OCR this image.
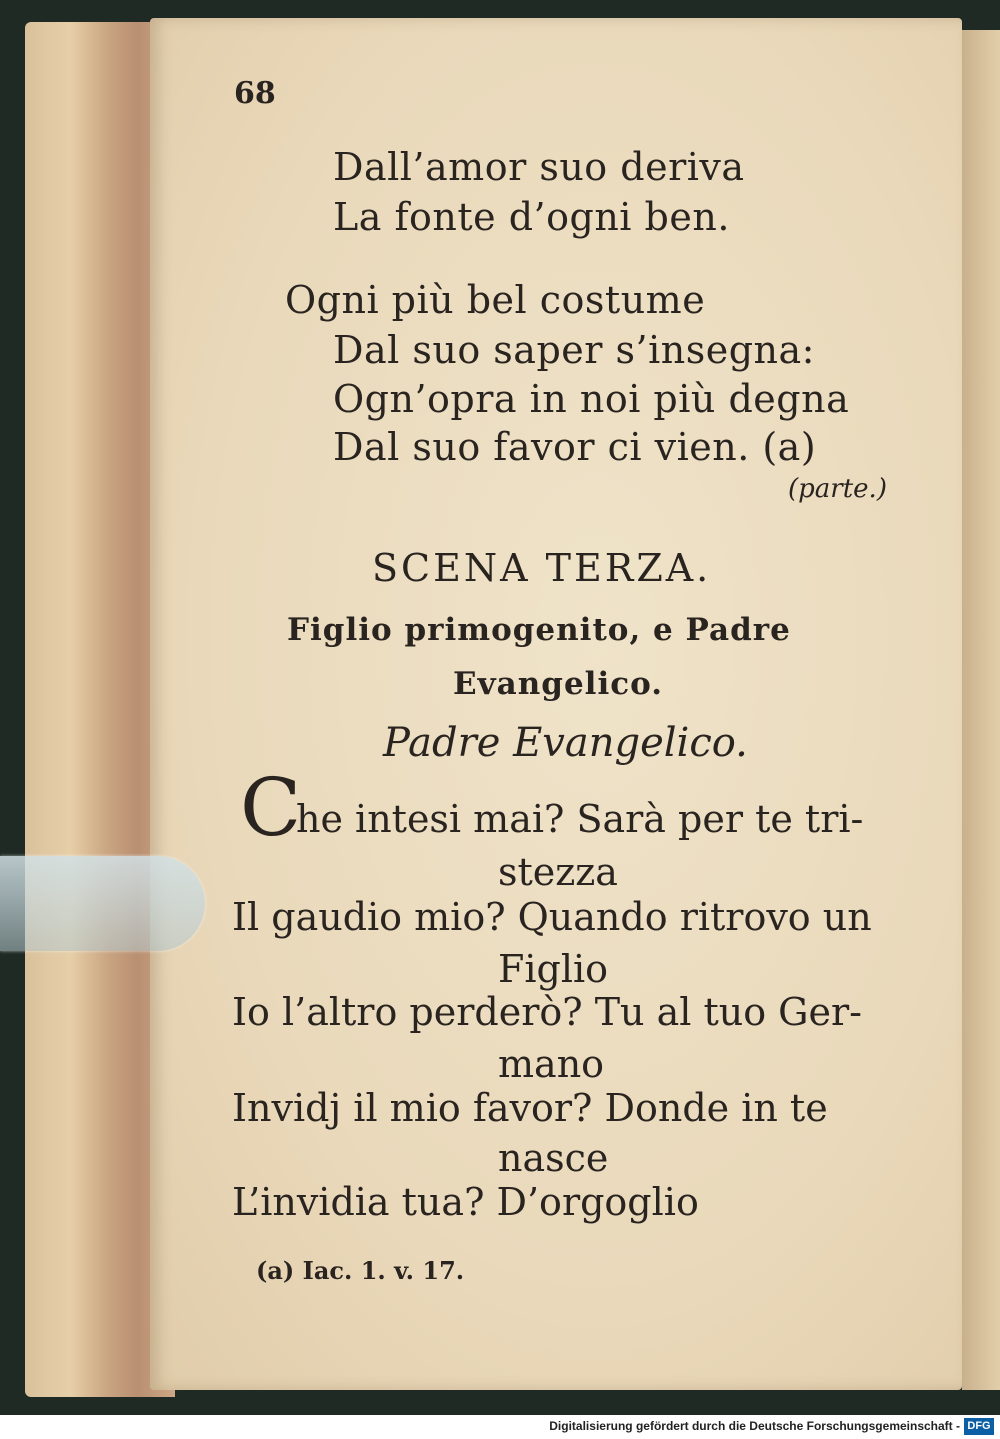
68
Dall’amor suo deriva
La fonte d’ogni ben.
Ogni più bel costume
Dal suo saper s’insegna:
Ogn’opra in noi più degna
Dal suo favor ci vien. (a)
(parte.)
SCENA TERZA.
Figlio primogenito, e Padre
Evangelico.
Padre Evangelico.
C
he intesi mai? Sarà per te tri-
stezza
Il gaudio mio? Quando ritrovo un
Figlio
Io l’altro perderò? Tu al tuo Ger-
mano
Invidj il mio favor? Donde in te
nasce
L’invidia tua? D’orgoglio
(a) Iac. 1. v. 17.
Digitalisierung gefördert durch die Deutsche Forschungsgemeinschaft - DFG
